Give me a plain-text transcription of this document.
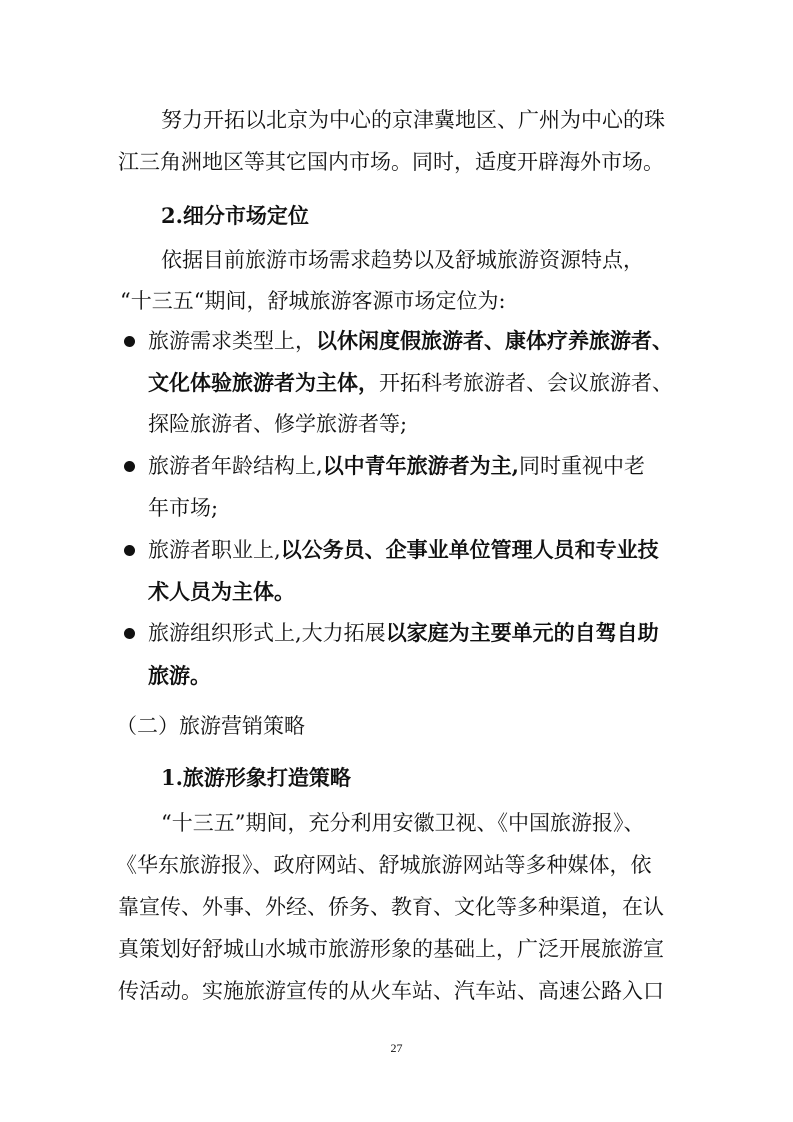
努力开拓以北京为中心的京津冀地区、广州为中心的珠
江三角洲地区等其它国内市场。同时，适度开辟海外市场。
2.细分市场定位
依据目前旅游市场需求趋势以及舒城旅游资源特点，
“十三五“期间，舒城旅游客源市场定位为:
旅游需求类型上，以休闲度假旅游者、康体疗养旅游者、
文化体验旅游者为主体，开拓科考旅游者、会议旅游者、
探险旅游者、修学旅游者等;
旅游者年龄结构上,以中青年旅游者为主,同时重视中老
年市场;
旅游者职业上,以公务员、企事业单位管理人员和专业技
术人员为主体。
旅游组织形式上,大力拓展以家庭为主要单元的自驾自助
旅游。
（二）旅游营销策略
1.旅游形象打造策略
“十三五”期间，充分利用安徽卫视、《中国旅游报》、
《华东旅游报》、政府网站、舒城旅游网站等多种媒体，依
靠宣传、外事、外经、侨务、教育、文化等多种渠道，在认
真策划好舒城山水城市旅游形象的基础上，广泛开展旅游宣
传活动。实施旅游宣传的从火车站、汽车站、高速公路入口
27
